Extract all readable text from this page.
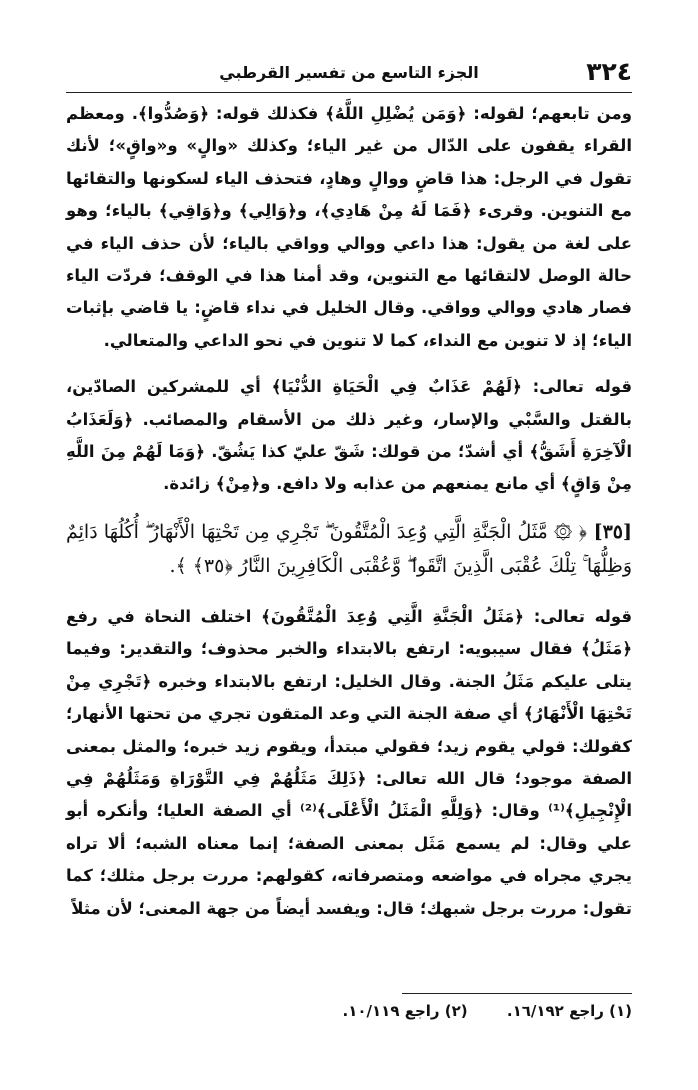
٣٢٤
الجزء التاسع من تفسير القرطبي

ومن تابعهم؛ لقوله: ﴿وَمَن يُضْلِلِ اللَّهُ﴾ فكذلك قوله: ﴿وَصُدُّوا﴾. ومعظم القراء يقفون على الدّال من غير الياء؛ وكذلك «والٍ» و«واقٍ»؛ لأنك تقول في الرجل: هذا قاضٍ ووالٍ وهادٍ، فتحذف الياء لسكونها والتقائها مع التنوين. وقرىء ﴿فَمَا لَهُ مِنْ هَادِي﴾، و﴿وَالِي﴾ و﴿وَاقِي﴾ بالياء؛ وهو على لغة من يقول: هذا داعي ووالي وواقي بالياء؛ لأن حذف الياء في حالة الوصل لالتقائها مع التنوين، وقد أمنا هذا في الوقف؛ فردّت الياء فصار هادي ووالي وواقي. وقال الخليل في نداء قاضٍ: يا قاضي بإثبات الياء؛ إذ لا تنوين مع النداء، كما لا تنوين في نحو الداعي والمتعالي.

قوله تعالى: ﴿لَهُمْ عَذَابٌ فِي الْحَيَاةِ الدُّنْيَا﴾ أي للمشركين الصادّين، بالقتل والسَّبْي والإسار، وغير ذلك من الأسقام والمصائب. ﴿وَلَعَذَابُ الْآخِرَةِ أَشَقُّ﴾ أي أشدّ؛ من قولك: شَقّ عليّ كذا يَشُقّ. ﴿وَمَا لَهُمْ مِنَ اللَّهِ مِنْ وَاقٍ﴾ أي مانع يمنعهم من عذابه ولا دافع. و﴿مِنْ﴾ زائدة.

[٣٥] ﴿ ۞ مَّثَلُ الْجَنَّةِ الَّتِي وُعِدَ الْمُتَّقُونَ ۖ تَجْرِي مِن تَحْتِهَا الْأَنْهَارُ ۖ أُكُلُهَا دَائِمٌ وَظِلُّهَا ۚ تِلْكَ عُقْبَى الَّذِينَ اتَّقَوا ۖ وَّعُقْبَى الْكَافِرِينَ النَّارُ ﴿٣٥﴾ ﴾.

قوله تعالى: ﴿مَثَلُ الْجَنَّةِ الَّتِي وُعِدَ الْمُتَّقُونَ﴾ اختلف النحاة في رفع ﴿مَثَلُ﴾ فقال سيبويه: ارتفع بالابتداء والخبر محذوف؛ والتقدير: وفيما يتلى عليكم مَثَلُ الجنة. وقال الخليل: ارتفع بالابتداء وخبره ﴿تَجْرِي مِنْ تَحْتِهَا الْأَنْهَارُ﴾ أي صفة الجنة التي وعد المتقون تجري من تحتها الأنهار؛ كقولك: قولي يقوم زيد؛ فقولي مبتدأ، ويقوم زيد خبره؛ والمثل بمعنى الصفة موجود؛ قال الله تعالى: ﴿ذَلِكَ مَثَلُهُمْ فِي التَّوْرَاةِ وَمَثَلُهُمْ فِي الْإِنْجِيلِ﴾⁽¹⁾ وقال: ﴿وَلِلَّهِ الْمَثَلُ الْأَعْلَى﴾⁽²⁾ أي الصفة العليا؛ وأنكره أبو علي وقال: لم يسمع مَثَل بمعنى الصفة؛ إنما معناه الشبه؛ ألا تراه يجري مجراه في مواضعه ومتصرفاته، كقولهم: مررت برجل مثلك؛ كما تقول: مررت برجل شبهك؛ قال: ويفسد أيضاً من جهة المعنى؛ لأن مثلاً

(١) راجع ١٦/١٩٢. (٢) راجع ١٠/١١٩.
